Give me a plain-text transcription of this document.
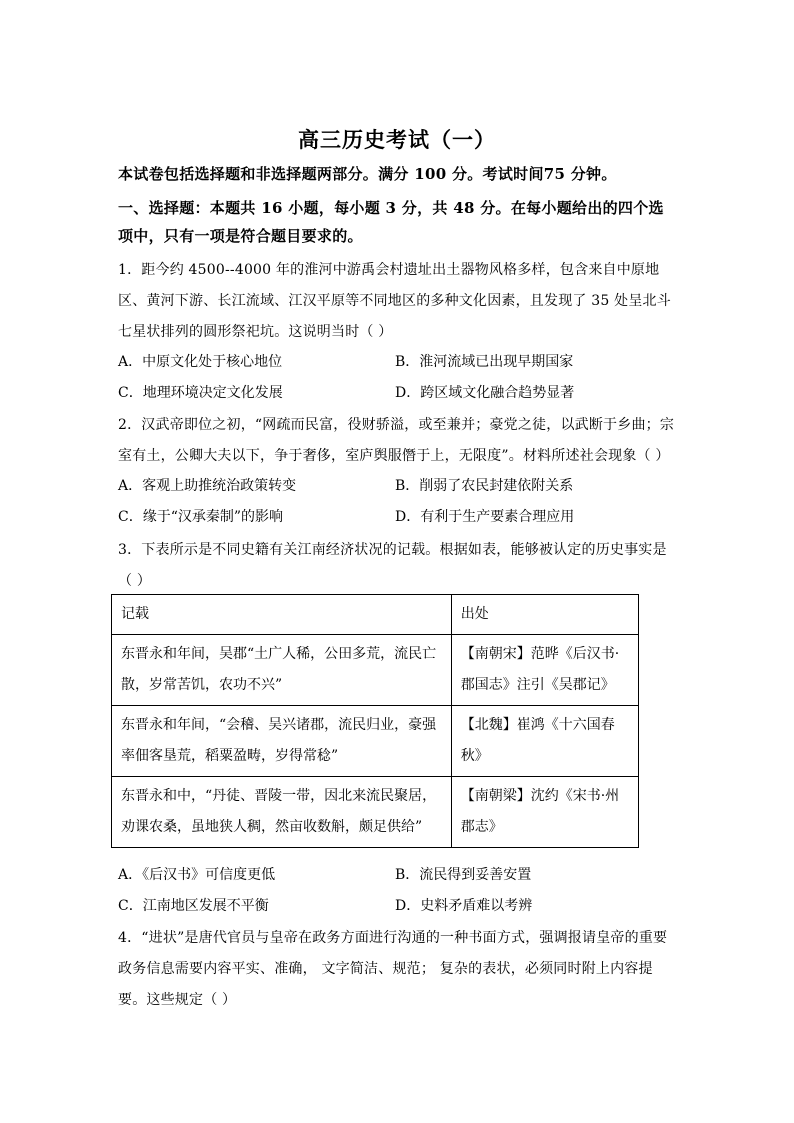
高三历史考试（一）
本试卷包括选择题和非选择题两部分。满分 100 分。考试时间75 分钟。
一、选择题：本题共 16 小题，每小题 3 分，共 48 分。在每小题给出的四个选
项中，只有一项是符合题目要求的。
1．距今约 4500--4000 年的淮河中游禹会村遗址出土器物风格多样，包含来自中原地区、黄河下游、长江流域、江汉平原等不同地区的多种文化因素，且发现了 35 处呈北斗七星状排列的圆形祭祀坑。这说明当时（ ）
A．中原文化处于核心地位	B．淮河流域已出现早期国家
C．地理环境决定文化发展	D．跨区域文化融合趋势显著
2．汉武帝即位之初，“网疏而民富，役财骄溢，或至兼并；豪党之徒，以武断于乡曲；宗室有土，公卿大夫以下，争于奢侈，室庐舆服僭于上，无限度”。材料所述社会现象（ ）
A．客观上助推统治政策转变	B．削弱了农民封建依附关系
C．缘于“汉承秦制”的影响	D．有利于生产要素合理应用
3．下表所示是不同史籍有关江南经济状况的记载。根据如表，能够被认定的历史事实是（ ）
记载	出处
东晋永和年间，吴郡“土广人稀，公田多荒，流民亡散，岁常苦饥，农功不兴”	【南朝宋】范晔《后汉书·郡国志》注引《吴郡记》
东晋永和年间，“会稽、吴兴诸郡，流民归业，豪强率佃客垦荒，稻粟盈畴，岁得常稔”	【北魏】崔鸿《十六国春秋》
东晋永和中，“丹徒、晋陵一带，因北来流民聚居，劝课农桑，虽地狭人稠，然亩收数斛，颇足供给”	【南朝梁】沈约《宋书·州郡志》
A．《后汉书》可信度更低	B．流民得到妥善安置
C．江南地区发展不平衡	D．史料矛盾难以考辨
4．“进状”是唐代官员与皇帝在政务方面进行沟通的一种书面方式，强调报请皇帝的重要政务信息需要内容平实、准确， 文字简洁、规范； 复杂的表状，必须同时附上内容提要。这些规定（ ）
